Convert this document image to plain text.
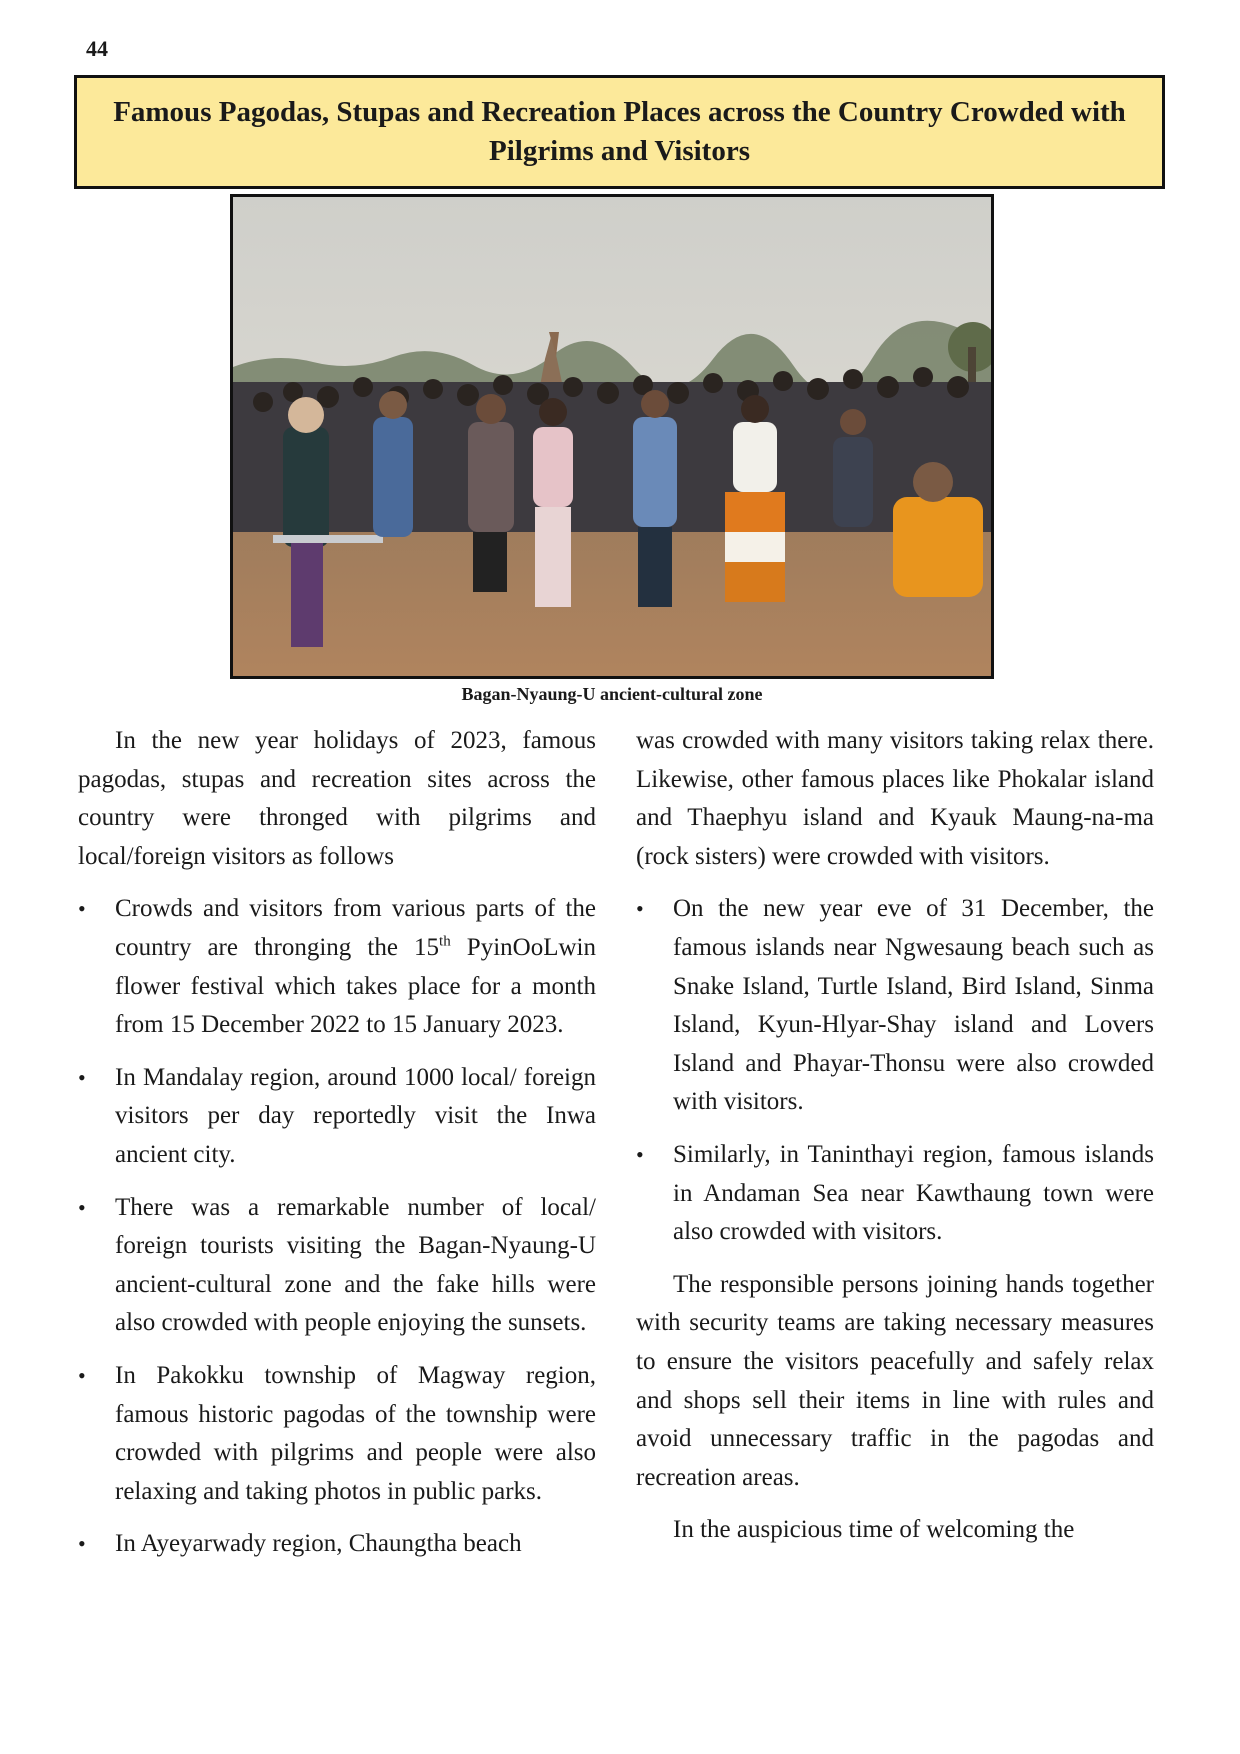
44
Famous Pagodas, Stupas and Recreation Places across the Country Crowded with Pilgrims and Visitors
Bagan-Nyaung-U ancient-cultural zone

In the new year holidays of 2023, famous pagodas, stupas and recreation sites across the country were thronged with pilgrims and local/foreign visitors as follows

• Crowds and visitors from various parts of the country are thronging the 15th PyinOoLwin flower festival which takes place for a month from 15 December 2022 to 15 January 2023.
• In Mandalay region, around 1000 local/ foreign visitors per day reportedly visit the Inwa ancient city.
• There was a remarkable number of local/ foreign tourists visiting the Bagan-Nyaung-U ancient-cultural zone and the fake hills were also crowded with people enjoying the sunsets.
• In Pakokku township of Magway region, famous historic pagodas of the township were crowded with pilgrims and people were also relaxing and taking photos in public parks.
• In Ayeyarwady region, Chaungtha beach

was crowded with many visitors taking relax there. Likewise, other famous places like Phokalar island and Thaephyu island and Kyauk Maung-na-ma (rock sisters) were crowded with visitors.

• On the new year eve of 31 December, the famous islands near Ngwesaung beach such as Snake Island, Turtle Island, Bird Island, Sinma Island, Kyun-Hlyar-Shay island and Lovers Island and Phayar-Thonsu were also crowded with visitors.
• Similarly, in Taninthayi region, famous islands in Andaman Sea near Kawthaung town were also crowded with visitors.

The responsible persons joining hands together with security teams are taking necessary measures to ensure the visitors peacefully and safely relax and shops sell their items in line with rules and avoid unnecessary traffic in the pagodas and recreation areas.

In the auspicious time of welcoming the
